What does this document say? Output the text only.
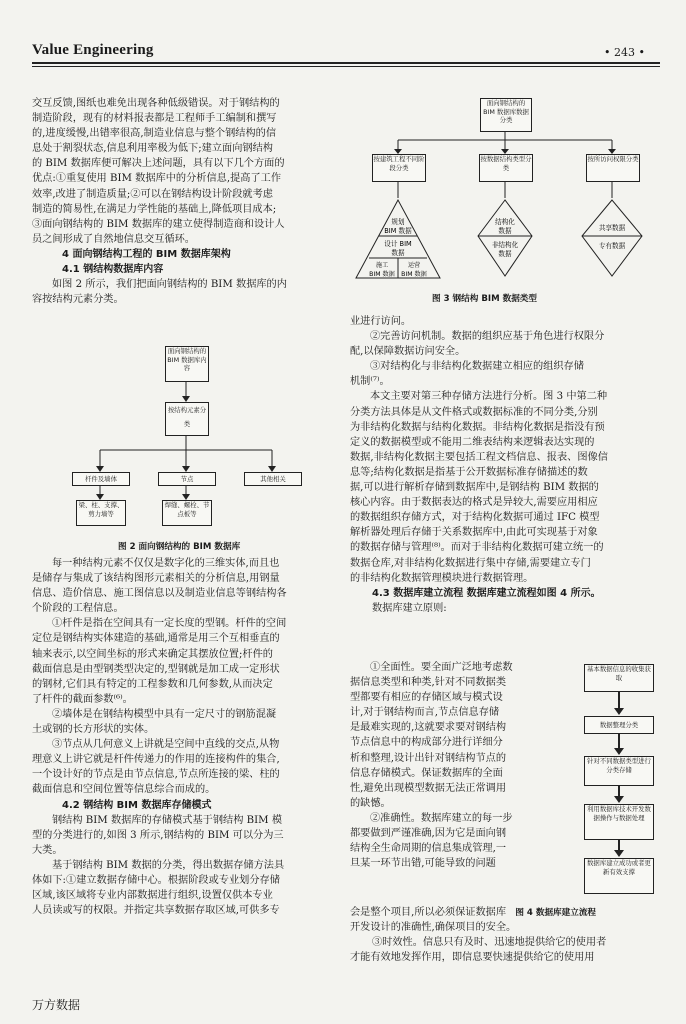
Value Engineering	• 243 •
交互反馈,图纸也难免出现各种低级错误。对于钢结构的
制造阶段，现有的材料报表都是工程师手工编制和撰写
的,进度缓慢,出错率很高,制造业信息与整个钢结构的信
息处于割裂状态,信息利用率极为低下;建立面向钢结构
的 BIM 数据库便可解决上述问题，具有以下几个方面的
优点:①重复使用 BIM 数据库中的分析信息,提高了工作
效率,改进了制造质量;②可以在钢结构设计阶段就考虑
制造的简易性,在满足力学性能的基础上,降低项目成本;
③面向钢结构的 BIM 数据库的建立使得制造商和设计人
员之间形成了自然地信息交互循环。
4 面向钢结构工程的 BIM 数据库架构
4.1 钢结构数据库内容
如图 2 所示，我们把面向钢结构的 BIM 数据库的内
容按结构元素分类。
面向钢结构的 BIM 数据库内容
按结构元素分类
杆件及墙体	节点	其他相关
梁、柱、支撑、剪力墙等
焊缝、螺栓、节点板等
图 2 面向钢结构的 BIM 数据库
每一种结构元素不仅仅是数字化的三维实体,而且也
是储存与集成了该结构图形元素相关的分析信息,用钢量
信息、造价信息、施工图信息以及制造业信息等钢结构各
个阶段的工程信息。
①杆件是指在空间具有一定长度的型钢。杆件的空间
定位是钢结构实体建造的基础,通常是用三个互相垂直的
轴来表示,以空间坐标的形式来确定其摆放位置;杆件的
截面信息是由型钢类型决定的,型钢就是加工成一定形状
的钢材,它们具有特定的工程参数和几何参数,从而决定
了杆件的截面参数⁽⁶⁾。
②墙体是在钢结构模型中具有一定尺寸的钢筋混凝
土或钢的长方形状的实体。
③节点从几何意义上讲就是空间中直线的交点,从物
理意义上讲它就是杆件传递力的作用的连接构件的集合,
一个设计好的节点是由节点信息,节点所连接的梁、柱的
截面信息和空间位置等信息综合而成的。
4.2 钢结构 BIM 数据库存储模式
钢结构 BIM 数据库的存储模式基于钢结构 BIM 模
型的分类进行的,如图 3 所示,钢结构的 BIM 可以分为三
大类。
基于钢结构 BIM 数据的分类，得出数据存储方法具
体如下:①建立数据存储中心。根据阶段或专业划分存储
区域,该区域将专业内部数据进行组织,设置仅供本专业
人员读或写的权限。并指定共享数据存取区域,可供多专
规划
BIM 数据
设计 BIM
数据
施工
BIM 数据
运营
BIM 数据
结构化
数据
非结构化
数据
共享数据
专有数据
面向钢结构的 BIM 数据库数据分类
按建筑工程不同阶段分类
按数据结构类型分类
按所访问权限分类
图 3 钢结构 BIM 数据类型
业进行访问。
②完善访问机制。数据的组织应基于角色进行权限分
配,以保障数据访问安全。
③对结构化与非结构化数据建立相应的组织存储
机制⁽⁷⁾。
本文主要对第三种存储方法进行分析。图 3 中第二种
分类方法具体是从文件格式或数据标准的不同分类,分别
为非结构化数据与结构化数据。非结构化数据是指没有预
定义的数据模型或不能用二维表结构来逻辑表达实现的
数据,非结构化数据主要包括工程文档信息、报表、图像信
息等;结构化数据是指基于公开数据标准存储描述的数
据,可以进行解析存储到数据库中,是钢结构 BIM 数据的
核心内容。由于数据表达的格式是异较大,需要应用相应
的数据组织存储方式，对于结构化数据可通过 IFC 模型
解析器处理后存储于关系数据库中,由此可实现基于对象
的数据存储与管理⁽⁸⁾。而对于非结构化数据可建立统一的
数据仓库,对非结构化数据进行集中存储,需要建立专门
的非结构化数据管理模块进行数据管理。
4.3 数据库建立流程 数据库建立流程如图 4 所示。
数据库建立原则:
①全面性。要全面广泛地考虑数
据信息类型和种类,针对不同数据类
型都要有相应的存储区域与模式设
计,对于钢结构而言,节点信息存储
是最难实现的,这就要求要对钢结构
节点信息中的构成部分进行详细分
析和整理,设计出针对钢结构节点的
信息存储模式。保证数据库的全面
性,避免出现模型数据无法正常调用
的缺憾。
②准确性。数据库建立的每一步
都要做到严谨准确,因为它是面向钢
结构全生命周期的信息集成管理,一
旦某一环节出错,可能导致的问题
基本数据信息的收集获取
数据整理分类
针对不同数据类型进行分类存储
利用数据库技术开发数据操作与数据处理
数据库建立成功或者更新有效支撑
会是整个项目,所以必须保证数据库 图 4 数据库建立流程
开发设计的准确性,确保项目的安全。
③时效性。信息只有及时、迅速地提供给它的使用者
才能有效地发挥作用，即信息要快速提供给它的使用用
万方数据
